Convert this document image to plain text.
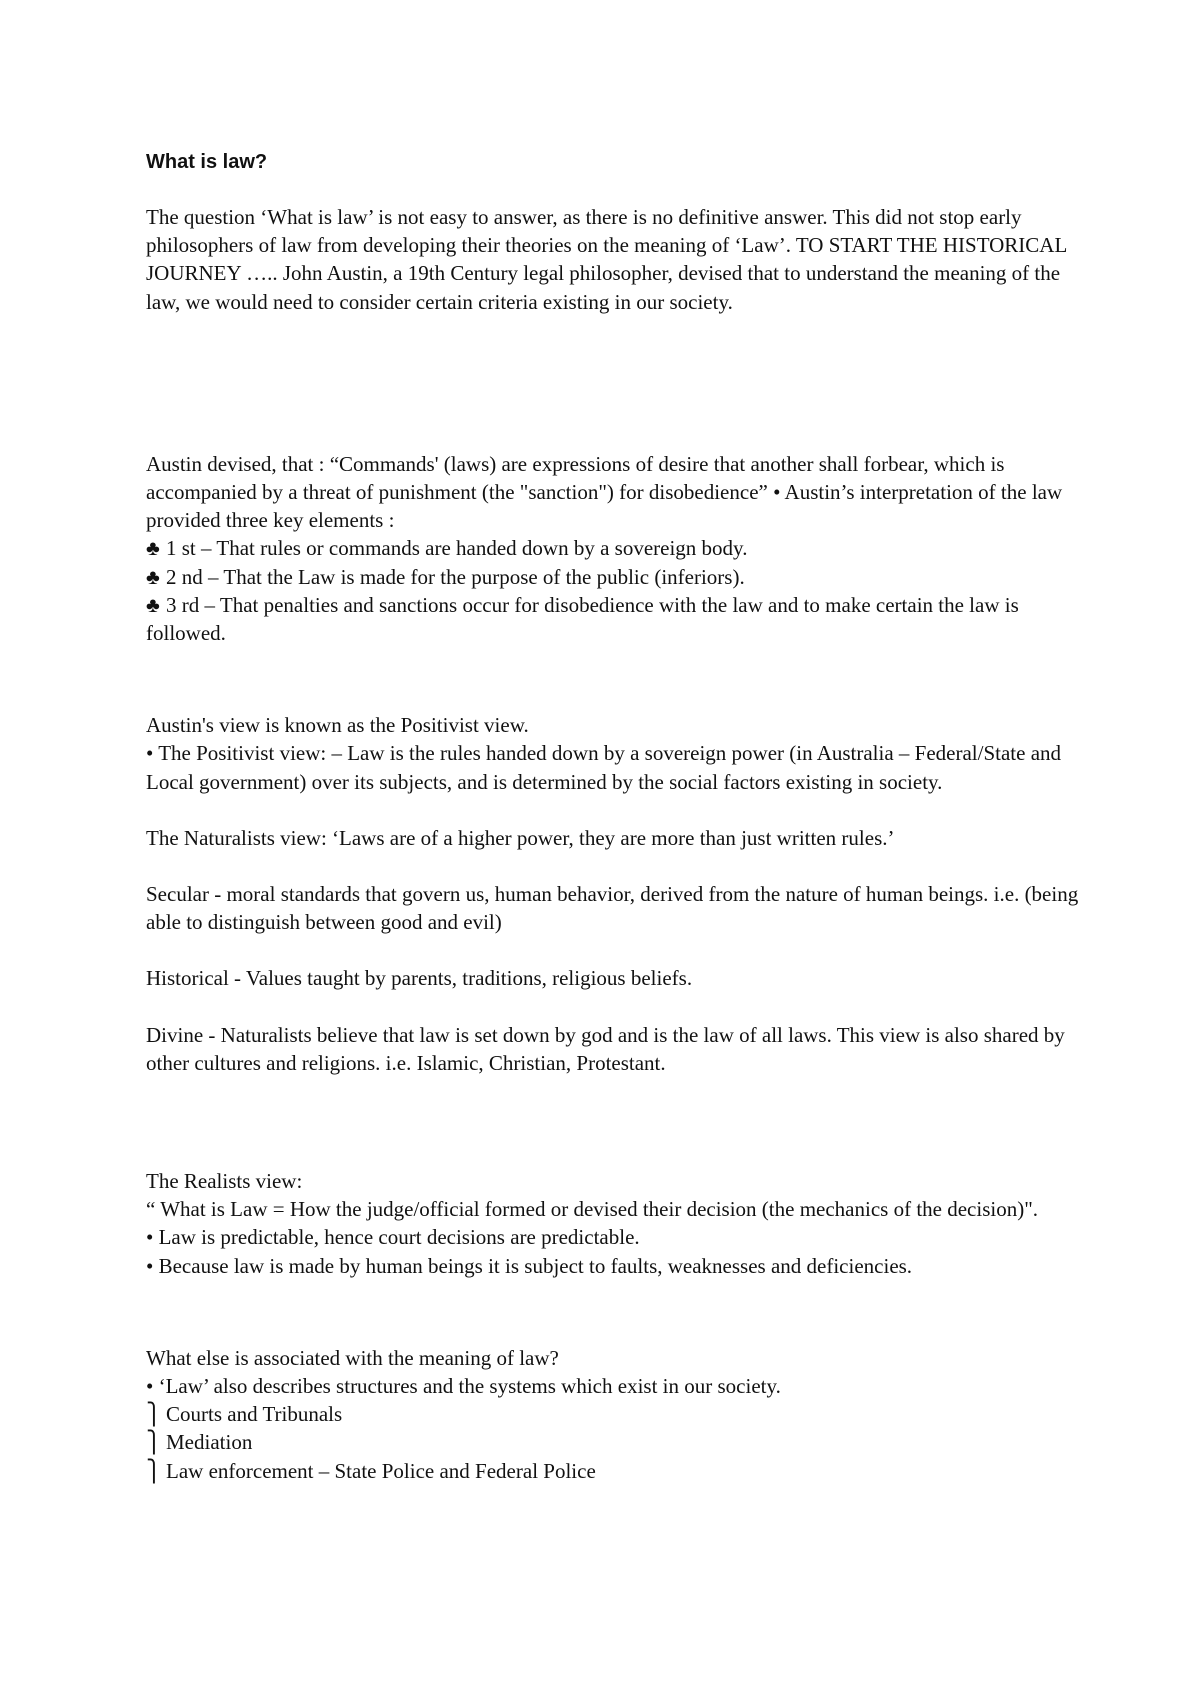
What is law?

The question ‘What is law’ is not easy to answer, as there is no definitive answer. This did not stop early philosophers of law from developing their theories on the meaning of ‘Law’. TO START THE HISTORICAL JOURNEY ….. John Austin, a 19th Century legal philosopher, devised that to understand the meaning of the law, we would need to consider certain criteria existing in our society.

Austin devised, that : “Commands' (laws) are expressions of desire that another shall forbear, which is accompanied by a threat of punishment (the "sanction") for disobedience” • Austin’s interpretation of the law provided three key elements :

♣ 1 st – That rules or commands are handed down by a sovereign body.

♣ 2 nd – That the Law is made for the purpose of the public (inferiors).

♣ 3 rd – That penalties and sanctions occur for disobedience with the law and to make certain the law is followed.

Austin's view is known as the Positivist view.

• The Positivist view: – Law is the rules handed down by a sovereign power (in Australia – Federal/State and Local government) over its subjects, and is determined by the social factors existing in society.

The Naturalists view: ‘Laws are of a higher power, they are more than just written rules.’

Secular - moral standards that govern us, human behavior, derived from the nature of human beings. i.e. (being able to distinguish between good and evil)

Historical - Values taught by parents, traditions, religious beliefs.

Divine - Naturalists believe that law is set down by god and is the law of all laws. This view is also shared by other cultures and religions. i.e. Islamic, Christian, Protestant.

The Realists view:

“ What is Law = How the judge/official formed or devised their decision (the mechanics of the decision)".

• Law is predictable, hence court decisions are predictable.

• Because law is made by human beings it is subject to faults, weaknesses and deficiencies.

What else is associated with the meaning of law?

• ‘Law’ also describes structures and the systems which exist in our society.

⎫ Courts and Tribunals

⎫ Mediation

⎫ Law enforcement – State Police and Federal Police
